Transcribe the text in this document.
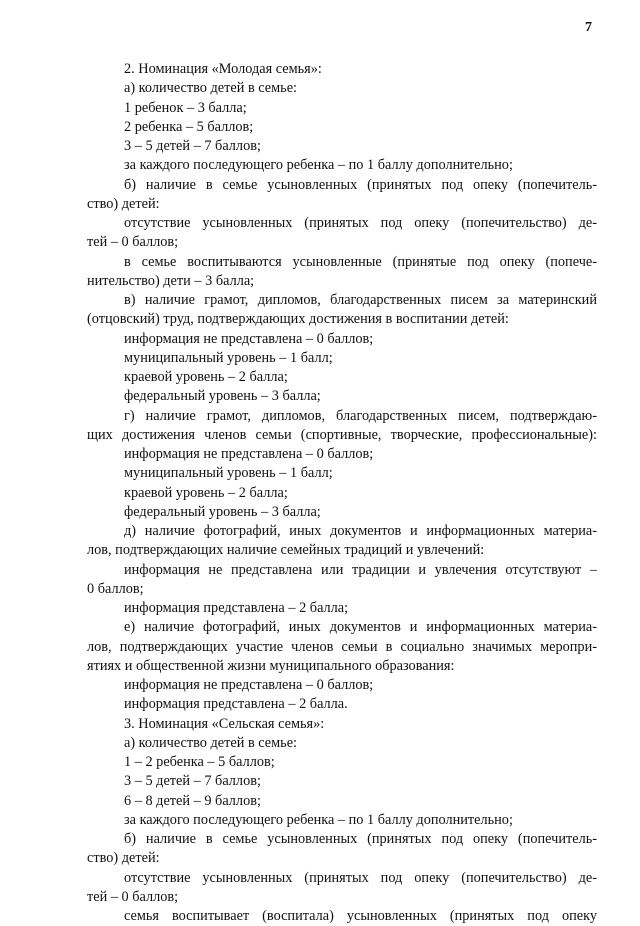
7
2. Номинация «Молодая семья»:
а) количество детей в семье:
1 ребенок – 3 балла;
2 ребенка – 5 баллов;
3 – 5 детей – 7 баллов;
за каждого последующего ребенка – по 1 баллу дополнительно;
б) наличие в семье усыновленных (принятых под опеку (попечитель-
ство) детей:
отсутствие усыновленных (принятых под опеку (попечительство) де-
тей – 0 баллов;
в семье воспитываются усыновленные (принятые под опеку (попече-
нительство) дети – 3 балла;
в) наличие грамот, дипломов, благодарственных писем за материнский
(отцовский) труд, подтверждающих достижения в воспитании детей:
информация не представлена – 0 баллов;
муниципальный уровень – 1 балл;
краевой уровень – 2 балла;
федеральный уровень – 3 балла;
г) наличие грамот, дипломов, благодарственных писем, подтверждаю-
щих достижения членов семьи (спортивные, творческие, профессиональные):
информация не представлена – 0 баллов;
муниципальный уровень – 1 балл;
краевой уровень – 2 балла;
федеральный уровень – 3 балла;
д) наличие фотографий, иных документов и информационных материа-
лов, подтверждающих наличие семейных традиций и увлечений:
информация не представлена или традиции и увлечения отсутствуют –
0 баллов;
информация представлена – 2 балла;
е) наличие фотографий, иных документов и информационных материа-
лов, подтверждающих участие членов семьи в социально значимых меропри-
ятиях и общественной жизни муниципального образования:
информация не представлена – 0 баллов;
информация представлена – 2 балла.
3. Номинация «Сельская семья»:
а) количество детей в семье:
1 – 2 ребенка – 5 баллов;
3 – 5 детей – 7 баллов;
6 – 8 детей – 9 баллов;
за каждого последующего ребенка – по 1 баллу дополнительно;
б) наличие в семье усыновленных (принятых под опеку (попечитель-
ство) детей:
отсутствие усыновленных (принятых под опеку (попечительство) де-
тей – 0 баллов;
семья воспитывает (воспитала) усыновленных (принятых под опеку
